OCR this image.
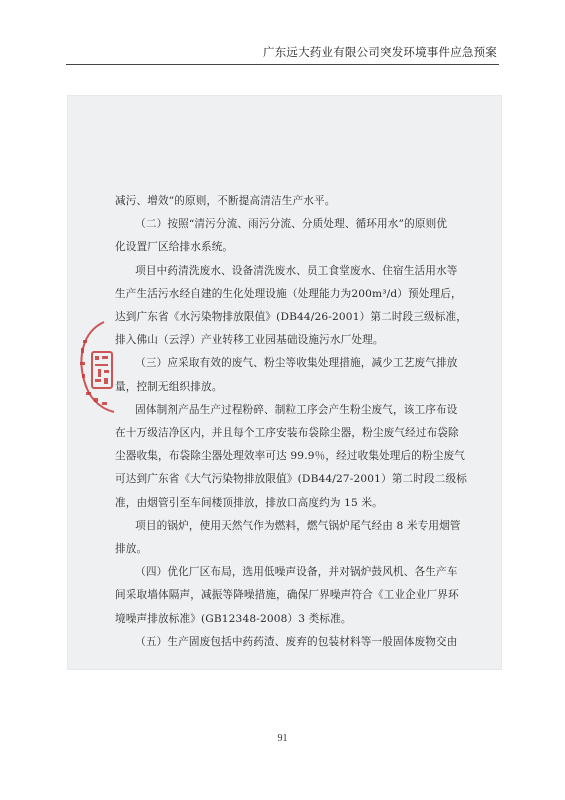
广东远大药业有限公司突发环境事件应急预案

减污、增效”的原则，不断提高清洁生产水平。

（二）按照“清污分流、雨污分流、分质处理、循环用水”的原则优

化设置厂区给排水系统。

项目中药清洗废水、设备清洗废水、员工食堂废水、住宿生活用水等

生产生活污水经自建的生化处理设施（处理能力为200m³/d）预处理后，

达到广东省《水污染物排放限值》(DB44/26-2001）第二时段三级标准，

排入佛山（云浮）产业转移工业园基础设施污水厂处理。

（三）应采取有效的废气、粉尘等收集处理措施，减少工艺废气排放

量，控制无组织排放。

固体制剂产品生产过程粉碎、制粒工序会产生粉尘废气，该工序布设

在十万级洁净区内，并且每个工序安装布袋除尘器，粉尘废气经过布袋除

尘器收集，布袋除尘器处理效率可达 99.9％，经过收集处理后的粉尘废气

可达到广东省《大气污染物排放限值》(DB44/27-2001）第二时段二级标

准，由烟管引至车间楼顶排放，排放口高度约为 15 米。

项目的锅炉，使用天然气作为燃料，燃气锅炉尾气经由 8 米专用烟管

排放。

（四）优化厂区布局，选用低噪声设备，并对锅炉鼓风机、各生产车

间采取墙体隔声，减振等降噪措施，确保厂界噪声符合《工业企业厂界环

境噪声排放标准》(GB12348-2008）3 类标准。

（五）生产固废包括中药药渣、废弃的包装材料等一般固体废物交由

91
